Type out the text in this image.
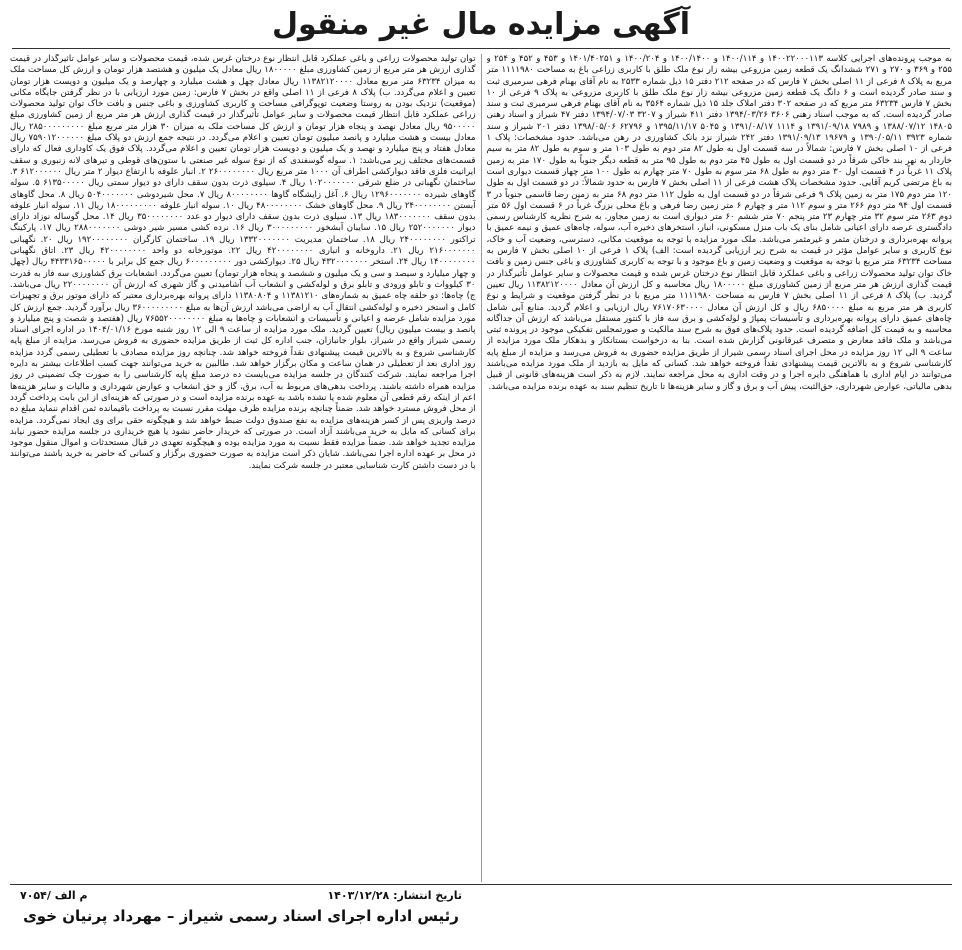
آگهی مزایده مال غیر منقول

به موجب پرونده‌های اجرایی کلاسه ۱۴۰۰۲۲۰۰۰۱۱۳ و ۱۴۰۰/۱۱۴ و ۱۴۰۰/۱۴۰۰ و ۱۴۰۰/۲۰۴ و ۱۴۰۱/۴۰۲۵۱ و ۴۵۳ و ۴۵۲ و ۲۵۴ و ۲۵۵ و ۳۶۹ و ۲۷۰ و ۲۷۱ ششدانگ یک قطعه زمین مزروعی بیشه زار نوع ملک طلق با کاربری زراعی باغ به مساحت ۱۱۱۱۹۸۰ متر مربع به پلاک ۸ فرعی از ۱۱ اصلی بخش ۷ فارس که در صفحه ۲۱۲ دفتر ۱۵ ذیل شماره ۲۵۳۳ به نام آقای بهنام فرهی سرمیری ثبت و سند صادر گردیده است و ۶ دانگ یک قطعه زمین مزروعی بیشه زار نوع ملک طلق با کاربری مزروعی به پلاک ۹ فرعی از ۱۰ بخش ۷ فارس ۶۳۲۳۴ متر مربع که در صفحه ۳۰۲ دفتر املاک جلد ۱۵ ذیل شماره ۳۵۶۴ به نام آقای بهنام فرهی سرمیری ثبت و سند صادر گردیده است. که به موجب اسناد رهنی ۳۶۰۶ ۱۳۹۴/۰۳/۲۶ دفتر ۴۱۱ شیراز و ۳۲۰۷ ۱۳۹۴/۰۷/۰۳ دفتر ۴۷ شیراز و اسناد رهنی ۱۴۸۰۵ ۱۳۸۸/۰۷/۱۲ و ۷۹۸۹ ۱۳۹۱/۰۹/۱۸ و ۱۱۱۴ ۱۳۹۱/۰۸/۱۷ و ۵۰۴۵ ۱۳۹۵/۱۱/۱۷ و ۶۲۷۹۶ ۱۳۹۸/۰۵/۰۶ دفتر ۲۰۱ شیراز و سند شماره ۳۹۲۳ ۱۳۹۰/۰۵/۱۱ و ۱۹۶۷۹ ۱۳۹۱/۰۹/۱۳ دفتر ۲۴۲ شیراز نزد بانک کشاورزی در رهن می‌باشد. حدود مشخصات: پلاک ۱ فرعی از ۱۰ اصلی بخش ۷ فارس: شمالاً در سه قسمت اول به طول ۸۲ متر دوم به طول ۱۰۳ متر و سوم به طول ۸۲ متر به سیم خاردار به نهر بند خاکی شرقاً در دو قسمت اول به طول ۴۵ متر دوم به طول ۹۵ متر به قطعه دیگر جنوباً به طول ۱۷۰ متر به زمین پلاک ۱۱ غرباً در ۴ قسمت اول ۳۰ متر دوم به طول ۶۸ متر سوم به طول ۷۰ متر چهارم به طول ۱۰۰ متر چهار قسمت دیواری است به باغ مرتضی کریم آقایی. حدود مشخصات پلاک هشت فرعی از ۱۱ اصلی بخش ۷ فارس به حدود شمالاً: در دو قسمت اول به طول ۱۲۰ متر دوم ۱۷۵ متر به زمین پلاک ۹ فرعی شرقاً در دو قسمت اول به طول ۱۱۲ متر دوم ۶۸ متر به زمین رضا قاسمی جنوباً در ۳ قسمت اول ۹۴ متر دوم ۲۶۶ متر و سوم ۱۱۲ متر و چهارم ۶ متر زمین رضا فرهی و باغ محلی بزرگ غرباً در ۶ قسمت اول ۵۶ متر دوم ۲۶۳ متر سوم ۳۲ متر چهارم ۲۳ متر پنجم ۷۰ متر ششم ۶۰ متر دیواری است به زمین مجاور. به شرح نظریه کارشناس رسمی دادگستری عرصه دارای اعیانی شامل بنای یک باب منزل مسکونی، انبار، استخرهای ذخیره آب، سوله، چاه‌های عمیق و نیمه عمیق با پروانه بهره‌برداری و درختان مثمر و غیرمثمر می‌باشد. ملک مورد مزایده با توجه به موقعیت مکانی، دسترسی، وضعیت آب و خاک، نوع کاربری و سایر عوامل مؤثر در قیمت به شرح زیر ارزیابی گردیده است: الف) پلاک ۱ فرعی از ۱۰ اصلی بخش ۷ فارس به مساحت ۶۳۲۳۴ متر مربع با توجه به موقعیت و وضعیت زمین و باغ موجود و با توجه به کاربری کشاورزی و باغی جنس زمین و بافت خاک توان تولید محصولات زراعی و باغی عملکرد قابل انتظار نوع درختان غرس شده و قیمت محصولات و سایر عوامل تأثیرگذار در قیمت گذاری ارزش هر متر مربع از زمین کشاورزی مبلغ ۱۸۰۰۰۰۰ ریال محاسبه و کل ارزش آن معادل ۱۱۳۸۲۱۲۰۰۰۰ ریال تعیین گردید. ب) پلاک ۸ فرعی از ۱۱ اصلی بخش ۷ فارس به مساحت ۱۱۱۱۹۸۰ متر مربع با در نظر گرفتن موقعیت و شرایط و نوع کاربری هر متر مربع به مبلغ ۶۸۵۰۰۰۰ ریال و کل ارزش آن معادل ۷۶۱۷۰۶۳۰۰۰۰ ریال ارزیابی و اعلام گردید. منابع آبی شامل چاه‌های عمیق دارای پروانه بهره‌برداری و تأسیسات پمپاژ و لوله‌کشی و برق سه فاز با کنتور مستقل می‌باشد که ارزش آن جداگانه محاسبه و به قیمت کل اضافه گردیده است. حدود پلاک‌های فوق به شرح سند مالکیت و صورتمجلس تفکیکی موجود در پرونده ثبتی می‌باشد و ملک فاقد معارض و متصرف غیرقانونی گزارش شده است. بنا به درخواست بستانکار و بدهکار ملک مورد مزایده از ساعت ۹ الی ۱۲ روز مزایده در محل اجرای اسناد رسمی شیراز از طریق مزایده حضوری به فروش می‌رسد و مزایده از مبلغ پایه کارشناسی شروع و به بالاترین قیمت پیشنهادی نقداً فروخته خواهد شد. کسانی که مایل به بازدید از ملک مورد مزایده می‌باشند می‌توانند در ایام اداری با هماهنگی دایره اجرا و در وقت اداری به محل مراجعه نمایند. لازم به ذکر است هزینه‌های قانونی از قبیل بدهی مالیاتی، عوارض شهرداری، حق‌الثبت، پیش آب و برق و گاز و سایر هزینه‌ها تا تاریخ تنظیم سند به عهده برنده مزایده می‌باشد.

توان تولید محصولات زراعی و باغی عملکرد قابل انتظار نوع درختان غرس شده، قیمت محصولات و سایر عوامل تأثیرگذار در قیمت گذاری ارزش هر متر مربع از زمین کشاورزی مبلغ ۱۸۰۰۰۰۰ ریال معادل یک میلیون و هشتصد هزار تومان و ارزش کل مساحت ملک به میزان ۶۳۲۳۴ متر مربع معادل ۱۱۳۸۲۱۲۰۰۰۰ ریال معادل چهل و هشت میلیارد و چهارصد و یک میلیون و دویست هزار تومان تعیین و اعلام می‌گردد. ب) پلاک ۸ فرعی از ۱۱ اصلی واقع در بخش ۷ فارس: زمین مورد ارزیابی با در نظر گرفتن جایگاه مکانی (موقعیت) نزدیک بودن به روستا وضعیت توپوگرافی مساحت و کاربری کشاورزی و باغی جنس و بافت خاک توان تولید محصولات زراعی عملکرد قابل انتظار قیمت محصولات و سایر عوامل تأثیرگذار در قیمت گذاری ارزش هر متر مربع از زمین کشاورزی مبلغ ۹۵۰۰۰۰۰ ریال معادل نهصد و پنجاه هزار تومان و ارزش کل مساحت ملک به میزان ۳۰ هزار متر مربع مبلغ ۲۸۵۰۰۰۰۰۰۰۰۰ ریال معادل بیست و هشت میلیارد و پانصد میلیون تومان تعیین و اعلام می‌گردد. در نتیجه جمع ارزش دو پلاک مبلغ ۷۵۹۰۱۲۰۰۰۰۰۰ ریال معادل هفتاد و پنج میلیارد و نهصد و یک میلیون و دویست هزار تومان تعیین و اعلام می‌گردد. پلاک فوق یک کاوداری فعال که دارای قسمت‌های مختلف زیر می‌باشد: ۱. سوله گوسفندی که از نوع سوله غیر صنعتی با ستون‌های قوطی و تیرهای لانه زنبوری و سقف ایرانیت فلزی فاقد دیوارکشی اطراف آن ۱۰۰۰ متر مربع ریال ۲۶۰۰۰۰۰۰۰۰ ۲. انبار علوفه با ارتفاع دیوار ۲ متر ریال ۶۱۲۰۰۰۰۰۰ ۳. ساختمان نگهبانی در ضلع شرقی ۱۰۲۰۰۰۰۰۰۰ ریال ۴. سیلوی ذرت بدون سقف دارای دو دیوار سمتی ریال ۶۱۳۵۰۰۰۰۰ ۵. سوله گاوهای شیرده ۱۲۹۶۰۰۰۰۰۰۰ ریال ۶. آغل زایشگاه گاوها ۸۰۰۰۰۰۰۰۰ ریال ۷. محل شیردوشی ۵۰۴۰۰۰۰۰۰۰ ریال ۸. محل گاوهای آبستن ۲۴۰۰۰۰۰۰۰۰ ریال ۹. محل گاوهای خشک ۴۸۰۰۰۰۰۰۰۰ ریال ۱۰. سوله انبار علوفه ۱۸۰۰۰۰۰۰۰۰۰ ریال ۱۱. سوله انبار علوفه بدون سقف ۱۸۳۰۰۰۰۰۰۰ ریال ۱۳. سیلوی ذرت بدون سقف دارای دیوار دو عدد ۳۵۰۰۰۰۰۰۰۰ ریال ۱۴. محل گوساله نوزاد دارای دیوار ۲۵۲۰۰۰۰۰۰۰ ریال ۱۵. سایبان آبشخور ۳۰۰۰۰۰۰۰۰۰ ریال ۱۶. نرده کشی مسیر شیر دوشی ۲۸۸۰۰۰۰۰۰۰ ریال ۱۷. پارکینگ تراکتور ۲۴۰۰۰۰۰۰۰۰ ریال ۱۸. ساختمان مدیریت ۱۳۳۲۰۰۰۰۰۰۰ ریال ۱۹. ساختمان کارگران ۱۹۲۰۰۰۰۰۰۰۰ ریال ۲۰. نگهبانی ۲۱۶۰۰۰۰۰۰۰ ریال ۲۱. داروخانه و انباری ۴۲۰۰۰۰۰۰۰۰ ریال ۲۲. موتورخانه دو واحد ۴۲۰۰۰۰۰۰۰۰ ریال ۲۳. اتاق نگهبانی ۱۴۰۰۰۰۰۰۰۰ ریال ۲۴. استخر ۴۳۲۰۰۰۰۰۰۰ ریال ۲۵. دیوارکشی دور ۶۰۰۰۰۰۰۰۰۰ ریال جمع کل برابر با ۴۴۳۳۱۶۵۰۰۰۰۰ ریال (چهل و چهار میلیارد و سیصد و سی و یک میلیون و ششصد و پنجاه هزار تومان) تعیین می‌گردد. انشعابات برق کشاورزی سه فاز به قدرت ۳۰ کیلووات و تابلو ورودی و تابلو برق و لوله‌کشی و انشعاب آب آشامیدنی و گاز شهری که ارزش آن ۲۲۰۰۰۰۰۰۰۰ ریال می‌باشد. ج) چاه‌ها: دو حلقه چاه عمیق به شماره‌های ۱۱۳۸۱۲۱۰ و ۱۱۳۸۰۸۰۴ دارای پروانه بهره‌برداری معتبر که دارای موتور برق و تجهیزات کامل و استخر ذخیره و لوله‌کشی انتقال آب به اراضی می‌باشد ارزش آن‌ها به مبلغ ۳۶۰۰۰۰۰۰۰۰۰ ریال برآورد گردید. جمع ارزش کل مورد مزایده شامل عرصه و اعیانی و تأسیسات و انشعابات و چاه‌ها به مبلغ ۷۶۵۵۲۰۰۰۰۰۰۰۰ ریال (هفتصد و شصت و پنج میلیارد و پانصد و بیست میلیون ریال) تعیین گردید. ملک مورد مزایده از ساعت ۹ الی ۱۲ روز شنبه مورخ ۱۴۰۴/۰۱/۱۶ در اداره اجرای اسناد رسمی شیراز واقع در شیراز، بلوار جانبازان، جنب اداره کل ثبت از طریق مزایده حضوری به فروش می‌رسد. مزایده از مبلغ پایه کارشناسی شروع و به بالاترین قیمت پیشنهادی نقداً فروخته خواهد شد. چنانچه روز مزایده مصادف با تعطیلی رسمی گردد مزایده روز اداری بعد از تعطیلی در همان ساعت و مکان برگزار خواهد شد. طالبین به خرید می‌توانند جهت کسب اطلاعات بیشتر به دایره اجرا مراجعه نمایند. شرکت کنندگان در جلسه مزایده می‌بایست ده درصد مبلغ پایه کارشناسی را به صورت چک تضمینی در روز مزایده همراه داشته باشند. پرداخت بدهی‌های مربوط به آب، برق، گاز و حق انشعاب و عوارض شهرداری و مالیات و سایر هزینه‌ها اعم از اینکه رقم قطعی آن معلوم شده یا نشده باشد به عهده برنده مزایده است و در صورتی که هزینه‌ای از این بابت پرداخت گردد از محل فروش مسترد خواهد شد. ضمناً چنانچه برنده مزایده ظرف مهلت مقرر نسبت به پرداخت باقیمانده ثمن اقدام ننماید مبلغ ده درصد واریزی پس از کسر هزینه‌های مزایده به نفع صندوق دولت ضبط خواهد شد و هیچگونه حقی برای وی ایجاد نمی‌گردد. مزایده برای کسانی که مایل به خرید می‌باشند آزاد است. در صورتی که خریدار حاضر نشود یا هیچ خریداری در جلسه مزایده حضور نیابد مزایده تجدید خواهد شد. ضمناً مزایده فقط نسبت به مورد مزایده بوده و هیچگونه تعهدی در قبال مستحدثات و اموال منقول موجود در محل بر عهده اداره اجرا نمی‌باشد. شایان ذکر است مزایده به صورت حضوری برگزار و کسانی که حاضر به خرید باشند می‌توانند با در دست داشتن کارت شناسایی معتبر در جلسه شرکت نمایند.

تاریخ انتشار: ۱۴۰۳/۱۲/۲۸
۷۰۵۴/ م الف
رئیس اداره اجرای اسناد رسمی شیراز – مهرداد پرنیان خوی
